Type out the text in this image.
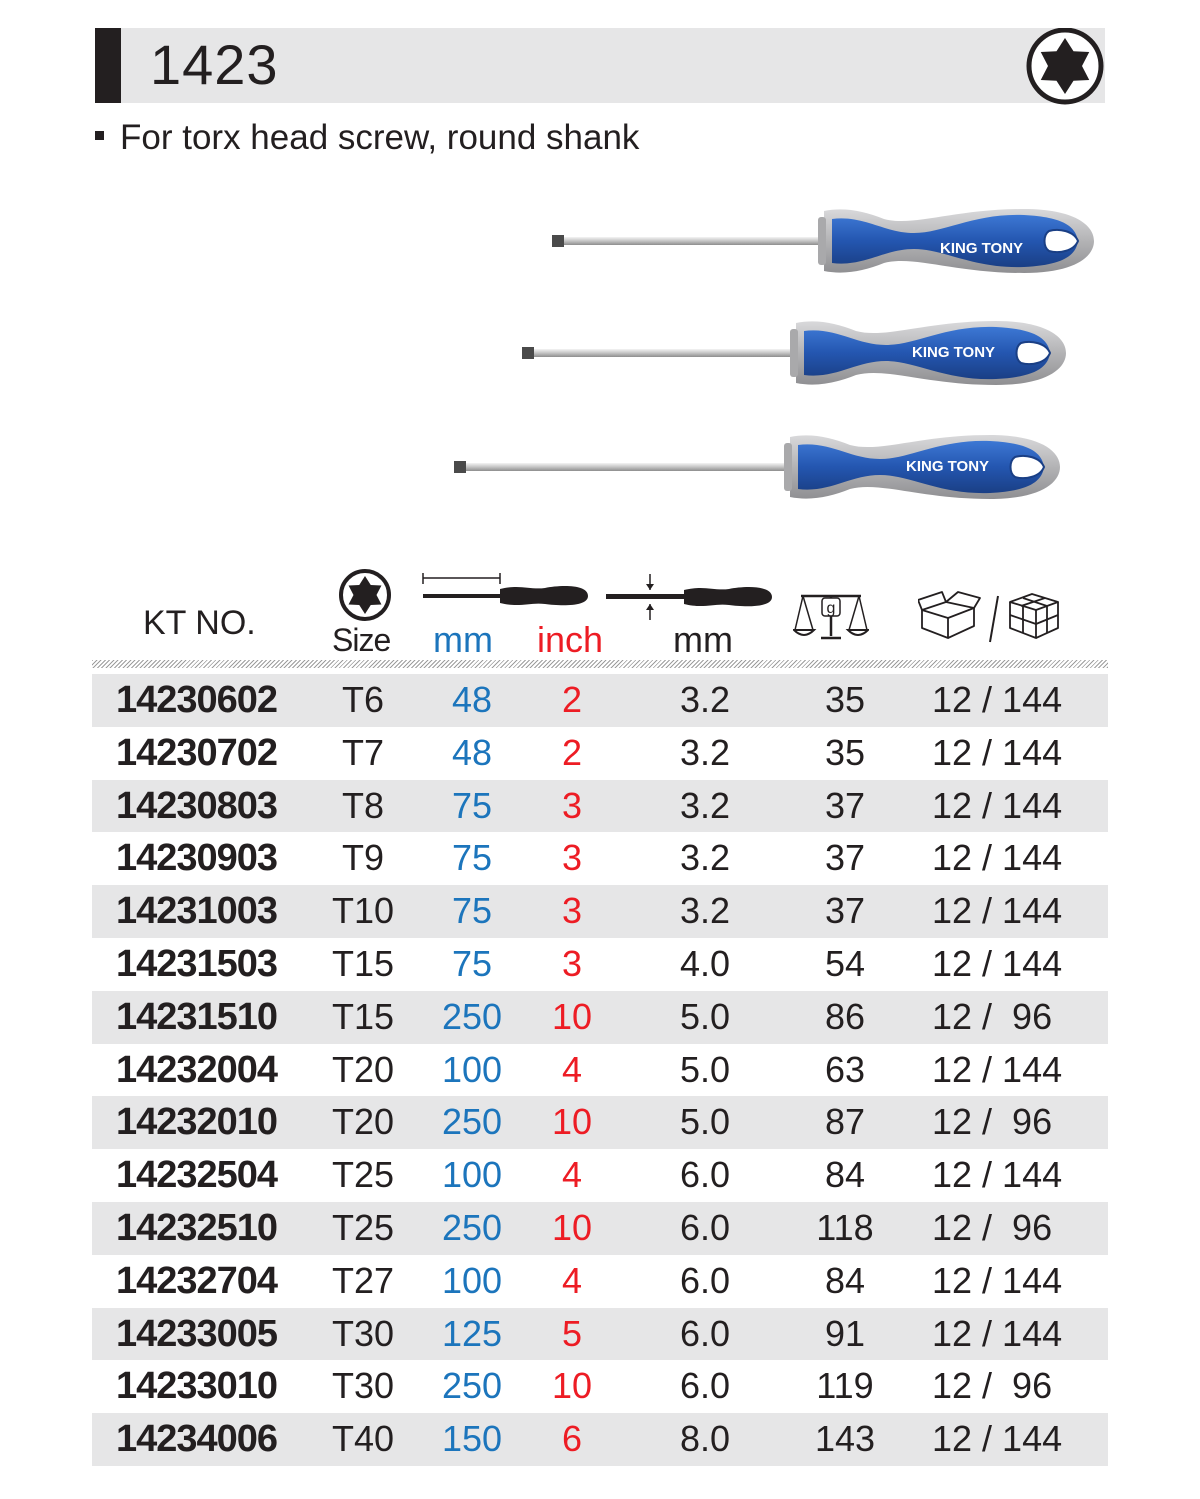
1423
For torx head screw, round shank
KING TONY
KING TONY
KING TONY
KT NO. Size mm inch mm
g
14230602	T6	48	2	3.2	35	12 / 144
14230702	T7	48	2	3.2	35	12 / 144
14230803	T8	75	3	3.2	37	12 / 144
14230903	T9	75	3	3.2	37	12 / 144
14231003 T10	75	3	3.2	37	12 / 144
14231503 T15	75	3	4.0	54	12 / 144
14231510 T15	250	10	5.0	86	12 /  96
14232004 T20	100	4	5.0	63	12 / 144
14232010 T20	250	10	5.0	87	12 /  96
14232504 T25	100	4	6.0	84	12 / 144
14232510 T25	250	10	6.0	118	12 /  96
14232704 T27	100	4	6.0	84	12 / 144
14233005 T30	125	5	6.0	91	12 / 144
14233010 T30	250	10	6.0	119	12 /  96
14234006 T40	150	6	8.0	143	12 / 144
